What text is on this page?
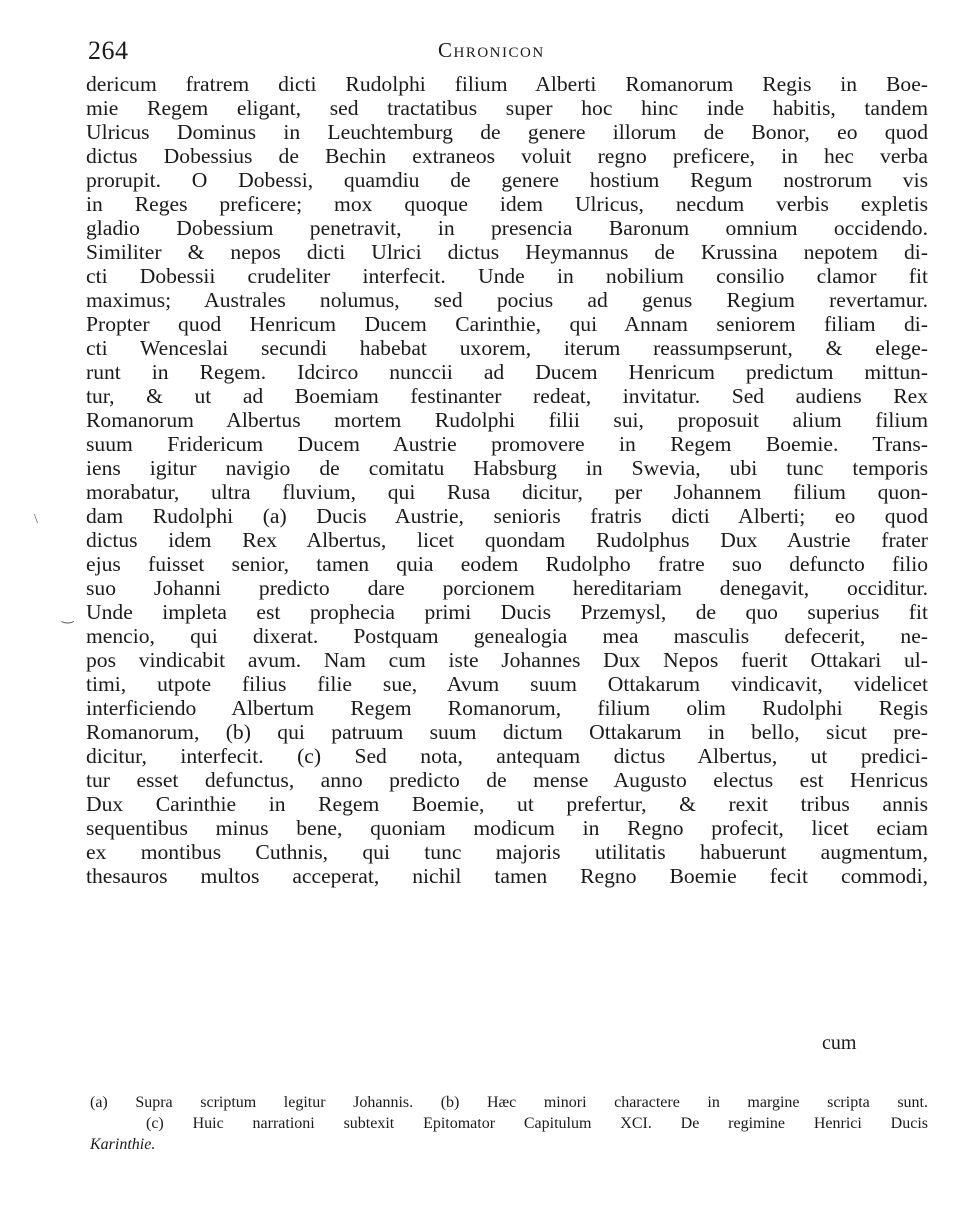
264	Chronicon
dericum fratrem dicti Rudolphi filium Alberti Romanorum Regis in Boe-
mie Regem eligant, sed tractatibus super hoc hinc inde habitis, tandem
Ulricus Dominus in Leuchtemburg de genere illorum de Bonor, eo quod
dictus Dobessius de Bechin extraneos voluit regno preficere, in hec verba
prorupit. O Dobessi, quamdiu de genere hostium Regum nostrorum vis
in Reges preficere; mox quoque idem Ulricus, necdum verbis expletis
gladio Dobessium penetravit, in presencia Baronum omnium occidendo.
Similiter & nepos dicti Ulrici dictus Heymannus de Krussina nepotem di-
cti Dobessii crudeliter interfecit. Unde in nobilium consilio clamor fit
maximus; Australes nolumus, sed pocius ad genus Regium revertamur.
Propter quod Henricum Ducem Carinthie, qui Annam seniorem filiam di-
cti Wenceslai secundi habebat uxorem, iterum reassumpserunt, & elege-
runt in Regem. Idcirco nunccii ad Ducem Henricum predictum mittun-
tur, & ut ad Boemiam festinanter redeat, invitatur. Sed audiens Rex
Romanorum Albertus mortem Rudolphi filii sui, proposuit alium filium
suum Fridericum Ducem Austrie promovere in Regem Boemie. Trans-
iens igitur navigio de comitatu Habsburg in Swevia, ubi tunc temporis
morabatur, ultra fluvium, qui Rusa dicitur, per Johannem filium quon-
dam Rudolphi (a) Ducis Austrie, senioris fratris dicti Alberti; eo quod
dictus idem Rex Albertus, licet quondam Rudolphus Dux Austrie frater
ejus fuisset senior, tamen quia eodem Rudolpho fratre suo defuncto filio
suo Johanni predicto dare porcionem hereditariam denegavit, occiditur.
Unde impleta est prophecia primi Ducis Przemysl, de quo superius fit
mencio, qui dixerat. Postquam genealogia mea masculis defecerit, ne-
pos vindicabit avum. Nam cum iste Johannes Dux Nepos fuerit Ottakari ul-
timi, utpote filius filie sue, Avum suum Ottakarum vindicavit, videlicet
interficiendo Albertum Regem Romanorum, filium olim Rudolphi Regis
Romanorum, (b) qui patruum suum dictum Ottakarum in bello, sicut pre-
dicitur, interfecit. (c) Sed nota, antequam dictus Albertus, ut predici-
tur esset defunctus, anno predicto de mense Augusto electus est Henricus
Dux Carinthie in Regem Boemie, ut prefertur, & rexit tribus annis
sequentibus minus bene, quoniam modicum in Regno profecit, licet eciam
ex montibus Cuthnis, qui tunc majoris utilitatis habuerunt augmentum,
thesauros multos acceperat, nichil tamen Regno Boemie fecit commodi,
cum
(a) Supra scriptum legitur Johannis. (b) Hæc minori charactere in margine scripta sunt.
(c) Huic narrationi subtexit Epitomator Capitulum XCI. De regimine Henrici Ducis
Karinthie.
\
‿
